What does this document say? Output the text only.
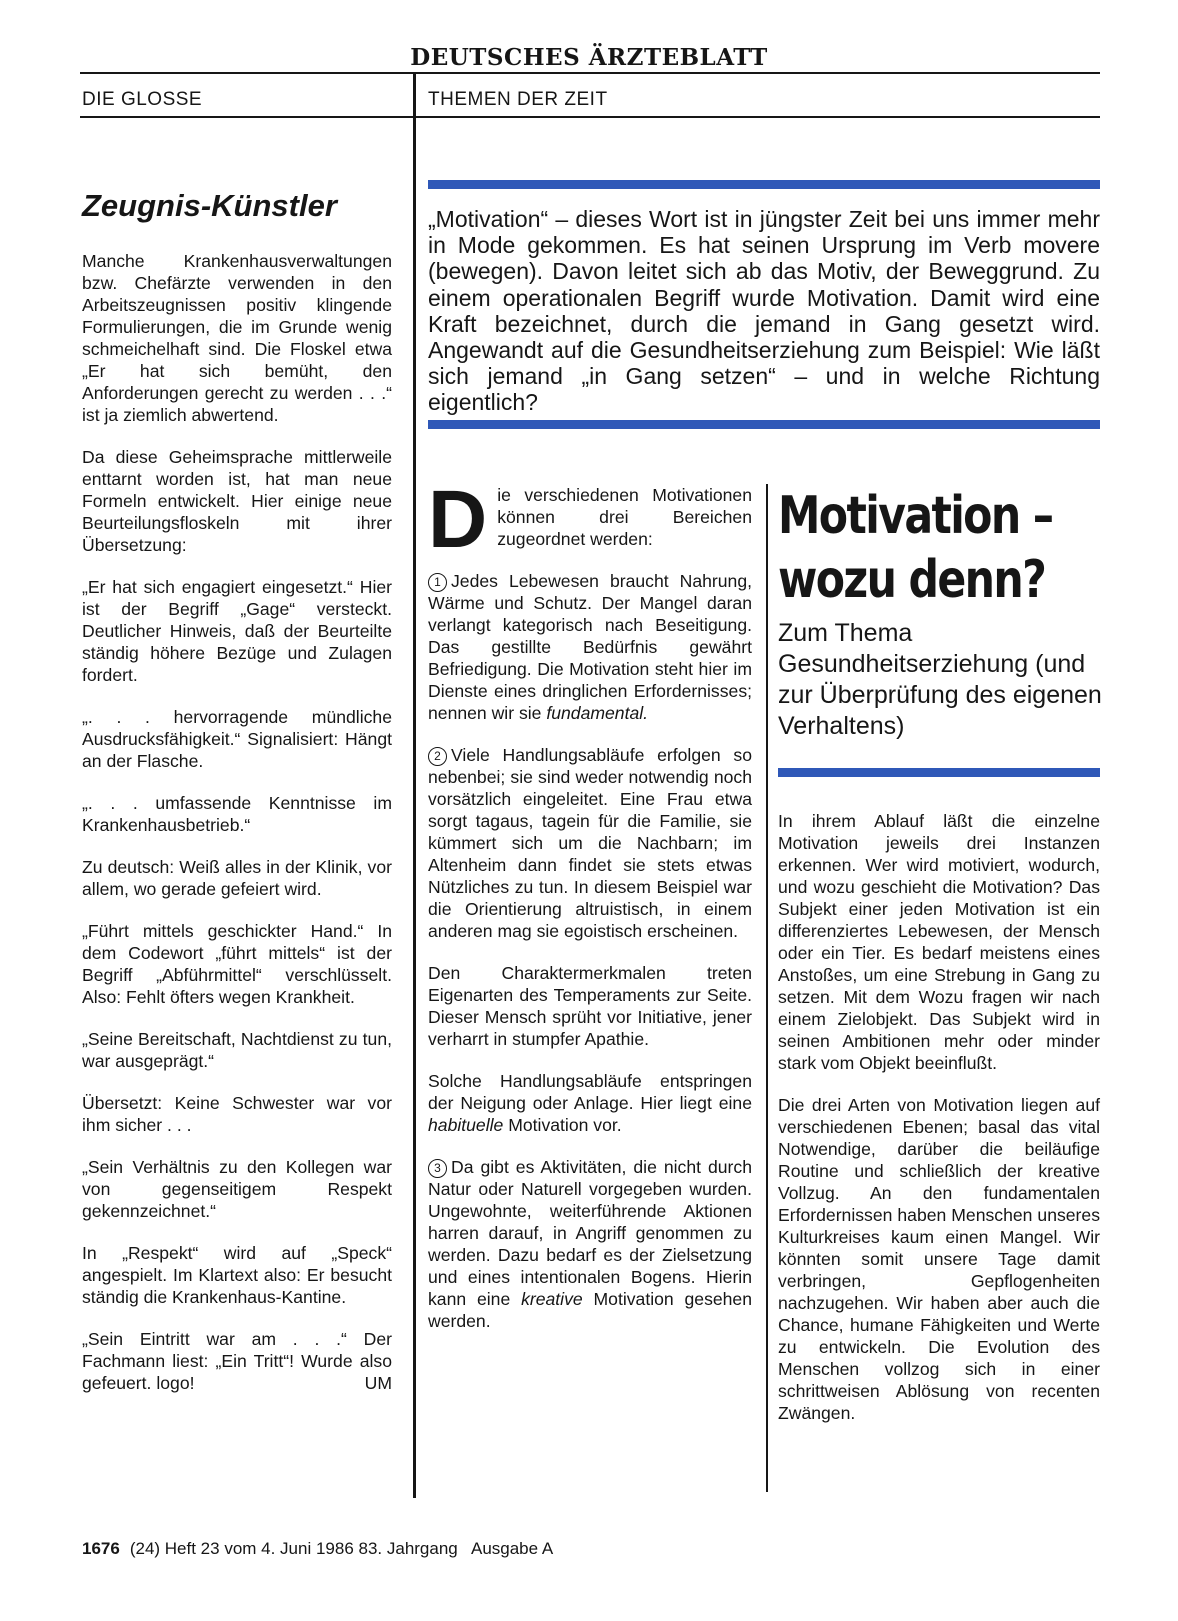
DEUTSCHES ÄRZTEBLATT
DIE GLOSSE	THEMEN DER ZEIT
Zeugnis-Künstler

Manche Krankenhausverwaltungen bzw. Chefärzte verwenden in den Arbeitszeugnissen positiv klingende Formulierungen, die im Grunde wenig schmeichelhaft sind. Die Floskel etwa „Er hat sich bemüht, den Anforderungen gerecht zu werden . . .“ ist ja ziemlich abwertend.

Da diese Geheimsprache mittlerweile enttarnt worden ist, hat man neue Formeln entwickelt. Hier einige neue Beurteilungsfloskeln mit ihrer Übersetzung:

„Er hat sich engagiert eingesetzt.“ Hier ist der Begriff „Gage“ versteckt. Deutlicher Hinweis, daß der Beurteilte ständig höhere Bezüge und Zulagen fordert.

„. . . hervorragende mündliche Ausdrucksfähigkeit.“ Signalisiert: Hängt an der Flasche.

„. . . umfassende Kenntnisse im Krankenhausbetrieb.“

Zu deutsch: Weiß alles in der Klinik, vor allem, wo gerade gefeiert wird.

„Führt mittels geschickter Hand.“ In dem Codewort „führt mittels“ ist der Begriff „Abführmittel“ verschlüsselt. Also: Fehlt öfters wegen Krankheit.

„Seine Bereitschaft, Nachtdienst zu tun, war ausgeprägt.“

Übersetzt: Keine Schwester war vor ihm sicher . . .

„Sein Verhältnis zu den Kollegen war von gegenseitigem Respekt gekennzeichnet.“

In „Respekt“ wird auf „Speck“ angespielt. Im Klartext also: Er besucht ständig die Krankenhaus-Kantine.

„Sein Eintritt war am . . .“ Der Fachmann liest: „Ein Tritt“! Wurde also gefeuert. logo!	UM

„Motivation“ – dieses Wort ist in jüngster Zeit bei uns immer mehr in Mode gekommen. Es hat seinen Ursprung im Verb movere (bewegen). Davon leitet sich ab das Motiv, der Beweggrund. Zu einem operationalen Begriff wurde Motivation. Damit wird eine Kraft bezeichnet, durch die jemand in Gang gesetzt wird. Angewandt auf die Gesundheitserziehung zum Beispiel: Wie läßt sich jemand „in Gang setzen“ – und in welche Richtung eigentlich?

Die verschiedenen Motivationen können drei Bereichen zugeordnet werden:

1 Jedes Lebewesen braucht Nahrung, Wärme und Schutz. Der Mangel daran verlangt kategorisch nach Beseitigung. Das gestillte Bedürfnis gewährt Befriedigung. Die Motivation steht hier im Dienste eines dringlichen Erfordernisses; nennen wir sie fundamental.

2 Viele Handlungsabläufe erfolgen so nebenbei; sie sind weder notwendig noch vorsätzlich eingeleitet. Eine Frau etwa sorgt tagaus, tagein für die Familie, sie kümmert sich um die Nachbarn; im Altenheim dann findet sie stets etwas Nützliches zu tun. In diesem Beispiel war die Orientierung altruistisch, in einem anderen mag sie egoistisch erscheinen.

Den Charaktermerkmalen treten Eigenarten des Temperaments zur Seite. Dieser Mensch sprüht vor Initiative, jener verharrt in stumpfer Apathie.

Solche Handlungsabläufe entspringen der Neigung oder Anlage. Hier liegt eine habituelle Motivation vor.

3 Da gibt es Aktivitäten, die nicht durch Natur oder Naturell vorgegeben wurden. Ungewohnte, weiterführende Aktionen harren darauf, in Angriff genommen zu werden. Dazu bedarf es der Zielsetzung und eines intentionalen Bogens. Hierin kann eine kreative Motivation gesehen werden.

Motivation –
wozu denn?
Zum Thema Gesundheitserziehung (und zur Überprüfung des eigenen Verhaltens)

In ihrem Ablauf läßt die einzelne Motivation jeweils drei Instanzen erkennen. Wer wird motiviert, wodurch, und wozu geschieht die Motivation? Das Subjekt einer jeden Motivation ist ein differenziertes Lebewesen, der Mensch oder ein Tier. Es bedarf meistens eines Anstoßes, um eine Strebung in Gang zu setzen. Mit dem Wozu fragen wir nach einem Zielobjekt. Das Subjekt wird in seinen Ambitionen mehr oder minder stark vom Objekt beeinflußt.

Die drei Arten von Motivation liegen auf verschiedenen Ebenen; basal das vital Notwendige, darüber die beiläufige Routine und schließlich der kreative Vollzug. An den fundamentalen Erfordernissen haben Menschen unseres Kulturkreises kaum einen Mangel. Wir könnten somit unsere Tage damit verbringen, Gepflogenheiten nachzugehen. Wir haben aber auch die Chance, humane Fähigkeiten und Werte zu entwickeln. Die Evolution des Menschen vollzog sich in einer schrittweisen Ablösung von recenten Zwängen.

1676 (24) Heft 23 vom 4. Juni 1986 83. Jahrgang   Ausgabe A
